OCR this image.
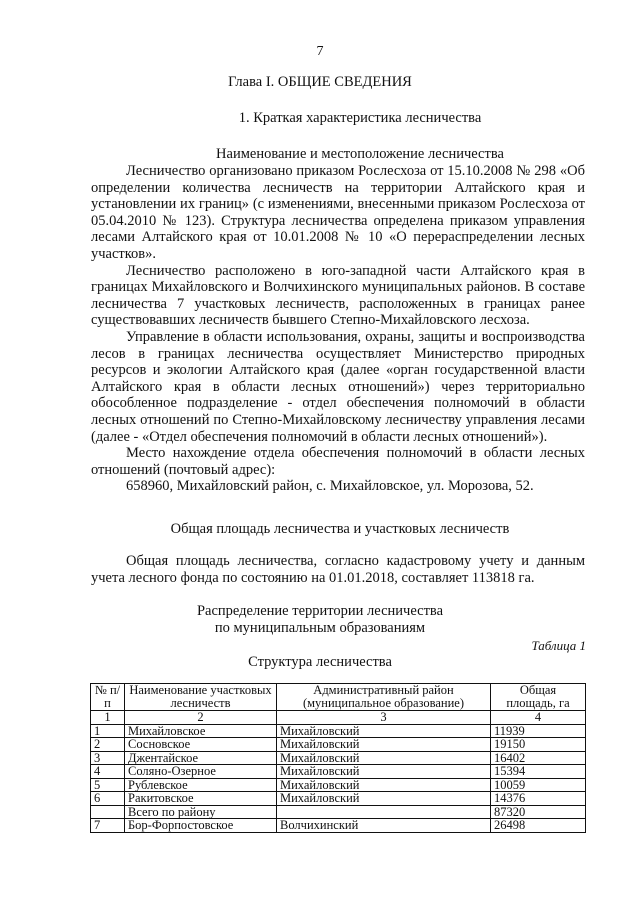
7
Глава I. ОБЩИЕ СВЕДЕНИЯ
1. Краткая характеристика лесничества
Наименование и местоположение лесничества

Лесничество организовано приказом Рослесхоза от 15.10.2008 № 298 «Об определении количества лесничеств на территории Алтайского края и установлении их границ» (с изменениями, внесенными приказом Рослесхоза от 05.04.2010 № 123). Структура лесничества определена приказом управления лесами Алтайского края от 10.01.2008 № 10 «О перераспределении лесных участков».

Лесничество расположено в юго-западной части Алтайского края в границах Михайловского и Волчихинского муниципальных районов. В составе лесничества 7 участковых лесничеств, расположенных в границах ранее существовавших лесничеств бывшего Степно-Михайловского лесхоза.

Управление в области использования, охраны, защиты и воспроизводства лесов в границах лесничества осуществляет Министерство природных ресурсов и экологии Алтайского края (далее «орган государственной власти Алтайского края в области лесных отношений») через территориально обособленное подразделение - отдел обеспечения полномочий в области лесных отношений по Степно-Михайловскому лесничеству управления лесами (далее - «Отдел обеспечения полномочий в области лесных отношений»).

Место нахождение отдела обеспечения полномочий в области лесных отношений (почтовый адрес):

658960, Михайловский район, с. Михайловское, ул. Морозова, 52.

Общая площадь лесничества и участковых лесничеств

Общая площадь лесничества, согласно кадастровому учету и данным учета лесного фонда по состоянию на 01.01.2018, составляет 113818 га.

Распределение территории лесничества
по муниципальным образованиям
Таблица 1
Структура лесничества
№ п/п	Наименование участковых лесничеств	Административный район (муниципальное образование)	Общая площадь, га
1	2	3	4
1	Михайловское	Михайловский	11939
2	Сосновское	Михайловский	19150
3	Джентайское	Михайловский	16402
4	Соляно-Озерное	Михайловский	15394
5	Рублевское	Михайловский	10059
6	Ракитовское	Михайловский	14376
	Всего по району		87320
7	Бор-Форпостовское	Волчихинский	26498
